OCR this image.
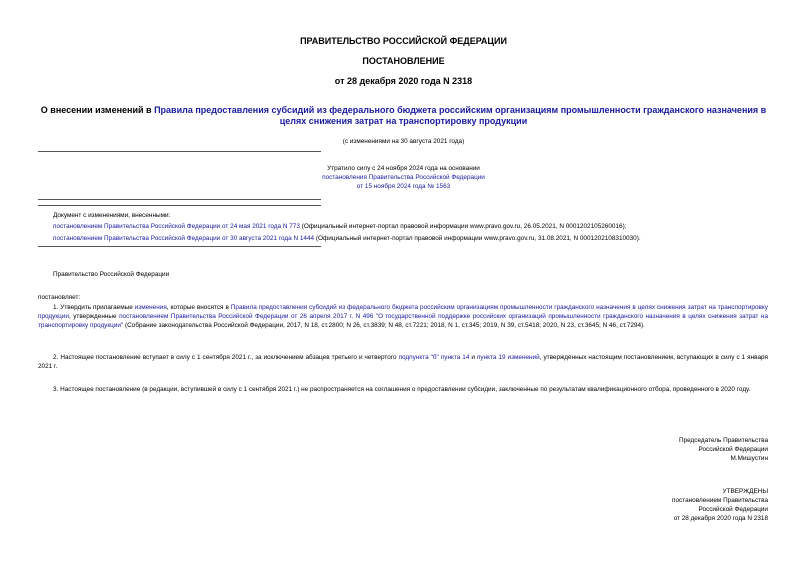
ПРАВИТЕЛЬСТВО РОССИЙСКОЙ ФЕДЕРАЦИИ
ПОСТАНОВЛЕНИЕ
от 28 декабря 2020 года N 2318
О внесении изменений в Правила предоставления субсидий из федерального бюджета российским организациям промышленности гражданского назначения в целях снижения затрат на транспортировку продукции
(с изменениями на 30 августа 2021 года)
Утратило силу с 24 ноября 2024 года на основании
постановления Правительства Российской Федерации
от 15 ноября 2024 года № 1563
Документ с изменениями, внесенными:
постановлением Правительства Российской Федерации от 24 мая 2021 года N 773 (Официальный интернет-портал правовой информации www.pravo.gov.ru, 26.05.2021, N 0001202105260016);
постановлением Правительства Российской Федерации от 30 августа 2021 года N 1444 (Официальный интернет-портал правовой информации www.pravo.gov.ru, 31.08.2021, N 0001202108310030).
Правительство Российской Федерации
постановляет:
1. Утвердить прилагаемые изменения, которые вносятся в Правила предоставления субсидий из федерального бюджета российским организациям промышленности гражданского назначения в целях снижения затрат на транспортировку продукции, утвержденные постановлением Правительства Российской Федерации от 26 апреля 2017 г. N 496 "О государственной поддержке российских организаций промышленности гражданского назначения в целях снижения затрат на транспортировку продукции" (Собрание законодательства Российской Федерации, 2017, N 18, ст.2800; N 26, ст.3839; N 48, ст.7221; 2018, N 1, ст.345; 2019, N 39, ст.5418; 2020, N 23, ст.3645; N 46, ст.7294).
2. Настоящее постановление вступает в силу с 1 сентября 2021 г., за исключением абзацев третьего и четвертого подпункта "б" пункта 14 и пункта 19 изменений, утвержденных настоящим постановлением, вступающих в силу с 1 января 2021 г.
3. Настоящее постановление (в редакции, вступившей в силу с 1 сентября 2021 г.) не распространяется на соглашения о предоставлении субсидии, заключенные по результатам квалификационного отбора, проведенного в 2020 году.
Председатель Правительства
Российской Федерации
М.Мишустин
УТВЕРЖДЕНЫ
постановлением Правительства
Российской Федерации
от 28 декабря 2020 года N 2318
